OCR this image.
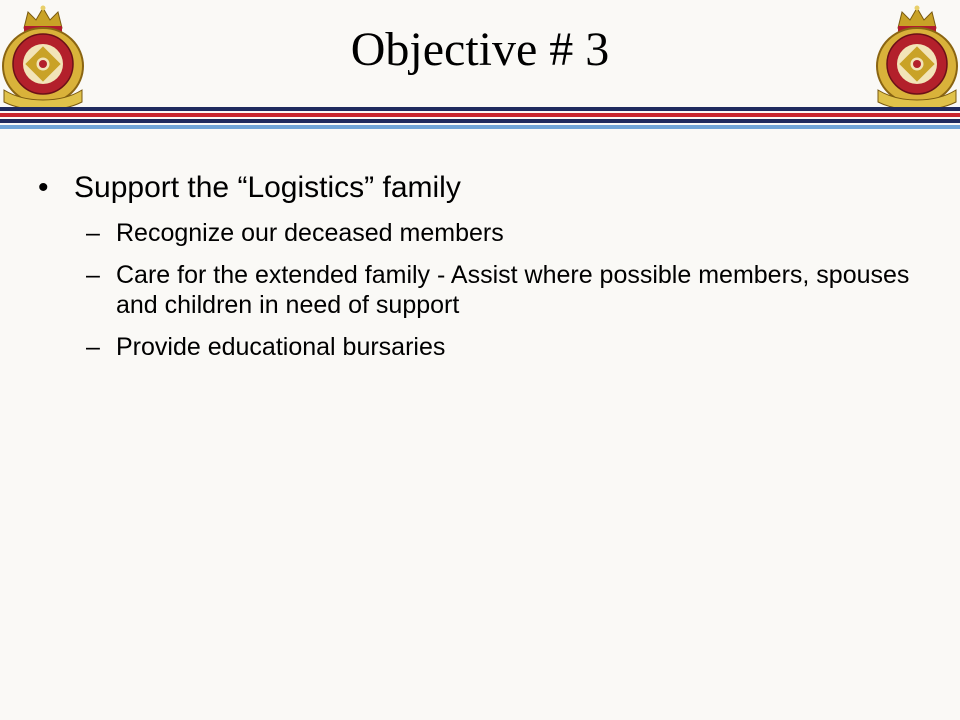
Objective # 3
• Support the “Logistics” family
– Recognize our deceased members
– Care for the extended family - Assist where possible members, spouses and children in need of support
– Provide educational bursaries
